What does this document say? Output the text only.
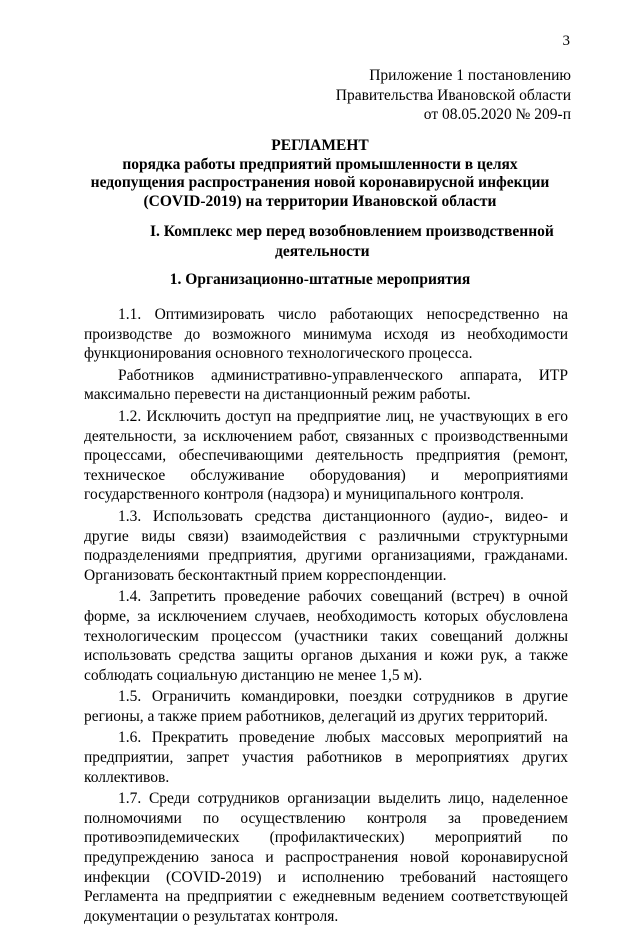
3
Приложение 1 постановлению
Правительства Ивановской области
от 08.05.2020 № 209-п
РЕГЛАМЕНТ
порядка работы предприятий промышленности в целях
недопущения распространения новой коронавирусной инфекции
(COVID-2019) на территории Ивановской области
I. Комплекс мер перед возобновлением производственной
деятельности
1. Организационно-штатные мероприятия

1.1. Оптимизировать число работающих непосредственно на производстве до возможного минимума исходя из необходимости функционирования основного технологического процесса.

Работников административно-управленческого аппарата, ИТР максимально перевести на дистанционный режим работы.

1.2. Исключить доступ на предприятие лиц, не участвующих в его деятельности, за исключением работ, связанных с производственными процессами, обеспечивающими деятельность предприятия (ремонт, техническое обслуживание оборудования) и мероприятиями государственного контроля (надзора) и муниципального контроля.

1.3. Использовать средства дистанционного (аудио-, видео- и другие виды связи) взаимодействия с различными структурными подразделениями предприятия, другими организациями, гражданами. Организовать бесконтактный прием корреспонденции.

1.4. Запретить проведение рабочих совещаний (встреч) в очной форме, за исключением случаев, необходимость которых обусловлена технологическим процессом (участники таких совещаний должны использовать средства защиты органов дыхания и кожи рук, а также соблюдать социальную дистанцию не менее 1,5 м).

1.5. Ограничить командировки, поездки сотрудников в другие регионы, а также прием работников, делегаций из других территорий.

1.6. Прекратить проведение любых массовых мероприятий на предприятии, запрет участия работников в мероприятиях других коллективов.

1.7. Среди сотрудников организации выделить лицо, наделенное полномочиями по осуществлению контроля за проведением противоэпидемических (профилактических) мероприятий по предупреждению заноса и распространения новой коронавирусной инфекции (COVID-2019) и исполнению требований настоящего Регламента на предприятии с ежедневным ведением соответствующей документации о результатах контроля.
